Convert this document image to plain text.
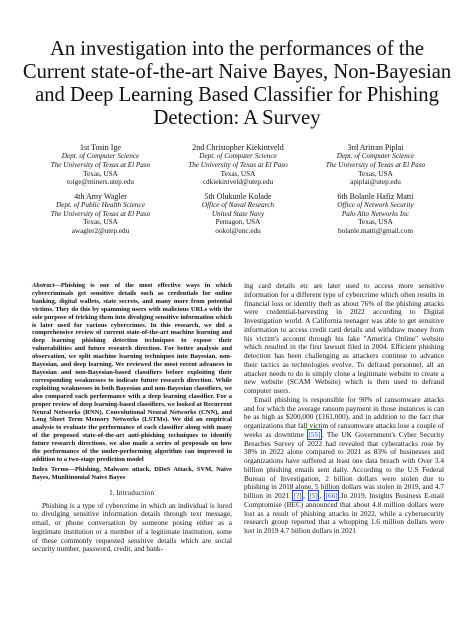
An investigation into the performances of the Current state-of-the-art Naive Bayes, Non-Bayesian and Deep Learning Based Classifier for Phishing Detection: A Survey
1st Tosin Ige
Dept. of Computer Science
The University of Texas at El Paso
Texas, USA
toige@miners.utep.edu
2nd Christopher Kiekintveld
Dept. of Computer Science
The University of Texas at El Paso
Texas, USA
cdkiekintveld@utep.edu
3rd Aritran Piplai
Dept. of Computer Science
The University of Texas at El Paso
Texas, USA
apiplai@utep.edu
4th Amy Wagler
Dept. of Public Health Science
The University of Texas at El Paso
Texas, USA
awagler2@utep.edu
5th Olukunle Kolade
Office of Naval Research
United State Navy
Pentagon, USA
ookol@unc.edu
6th Bolanle Hafiz Matti
Office of Network Security
Palo Alto Networks Inc
Texas, USA
bolanle.matti@gmail.com
Abstract—Phishing is one of the most effective ways in which cybercriminals get sensitive details such as credentials for online banking, digital wallets, state secrets, and many more from potential victims. They do this by spamming users with malicious URLs with the sole purpose of tricking them into divulging sensitive information which is later used for various cybercrimes. In this research, we did a comprehensive review of current state-of-the-art machine learning and deep learning phishing detection techniques to expose their vulnerabilities and future research direction. For better analysis and observation, we split machine learning techniques into Bayesian, non-Bayesian, and deep learning. We reviewed the most recent advances in Bayesian and non-Bayesian-based classifiers before exploiting their corresponding weaknesses to indicate future research direction. While exploiting weaknesses in both Bayesian and non-Bayesian classifiers, we also compared each performance with a deep learning classifier. For a proper review of deep learning-based classifiers, we looked at Recurrent Neural Networks (RNN), Convolutional Neural Networks (CNN), and Long Short Term Memory Networks (LSTMs). We did an empirical analysis to evaluate the performance of each classifier along with many of the proposed state-of-the-art anti-phishing techniques to identify future research directions, we also made a series of proposals on how the performance of the under-performing algorithm can improved in addition to a two-stage prediction model
Index Terms—Phishing, Malware attack, DDoS Attack, SVM, Naive Bayes, Munltinomial Naive Bayes
I. Introduction

Phishing is a type of cybercrime in which an individual is lured to divulging sensitive information details through text message, email, or phone conversation by someone posing either as a legitimate institution or a member of a legitimate institution, some of these commonly requested sensitive details which are social security number, password, credit, and bank-

ing card details etc are later used to access more sensitive information for a different type of cybercrime which often results in financial loss or identity theft as about 76% of the phishing attacks were credential-harvesting in 2022 according to Digital Investigation world. A California teenager was able to get sensitive information to access credit card details and withdraw money from his victim's account through his fake "America Online" website which resulted in the first lawsuit filed in 2004. Efficient phishing detection has been challenging as attackers continue to advance their tactics as technologies evolve. To defraud personnel, all an attacker needs to do is simply clone a legitimate website to create a new website (SCAM Website) which is then used to defraud computer users.

Email phishing is responsible for 90% of ransomware attacks and for which the average ransom payment in those instances is can be as high as $200,000 (£161,000), and in addition to the fact that organizations that fall victim of ransomware attacks lose a couple of weeks as downtime [55] . The UK Government's Cyber Security Breaches Survey of 2022 had revealed that cyberattacks rose by 38% in 2022 alone compared to 2021 as 83% of businesses and organizations have suffered at least one data breach with Over 3.4 billion phishing emails sent daily. According to the U.S Federal Bureau of Investigation, 2 billion dollars were stolen due to phishing in 2018 alone, 5 billion dollars was stolen in 2019, and 4.7 billion in 2021 [?] , [5] , [66] .In 2019, Insights Business E-mail Compromise (BEC) announced that about 4.8 million dollars were lost as a result of phishing attacks in 2022, while a cybersecurity research group reported that a whopping 1.6 million dollars were lost in 2019 4.7 billion dollars in 2021
